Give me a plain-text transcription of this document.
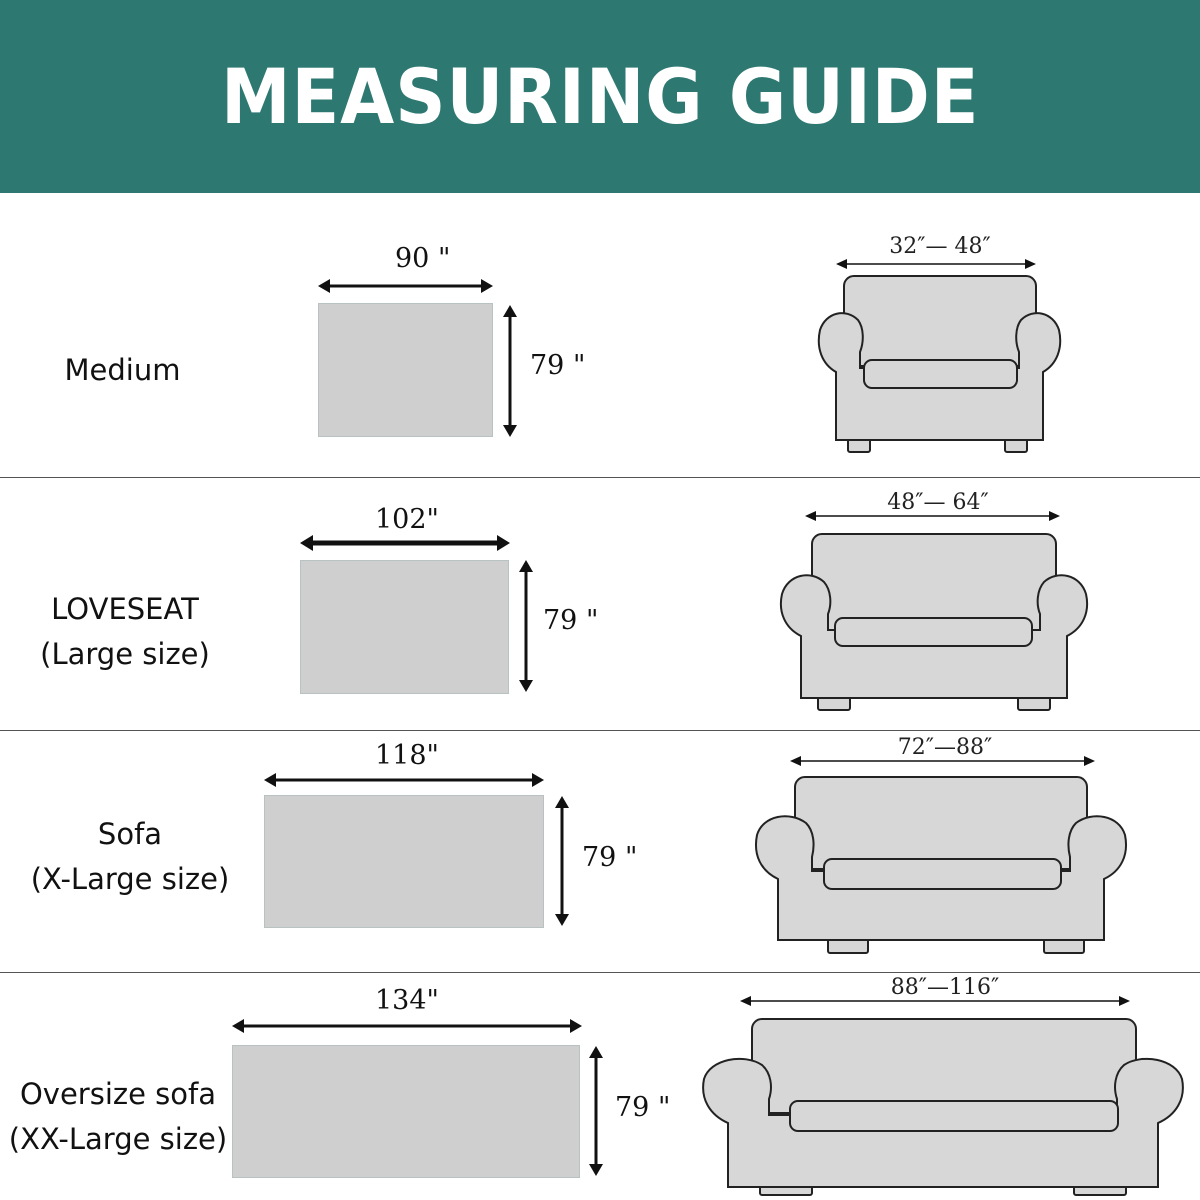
MEASURING GUIDE
Medium
90 "
79 "
32″— 48″
LOVESEAT
(Large size)
102"
79 "
48″— 64″
Sofa
(X-Large size)
118"
79 "
72″—88″
Oversize sofa
(XX-Large size)
134"
79 "
88″—116″
